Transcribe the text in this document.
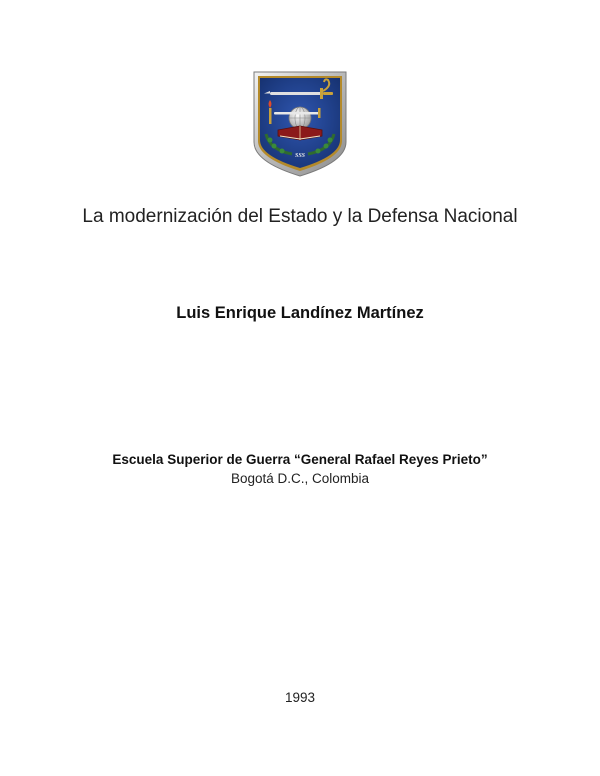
SSS
La modernización del Estado y la Defensa Nacional
Luis Enrique Landínez Martínez
Escuela Superior de Guerra “General Rafael Reyes Prieto”
Bogotá D.C., Colombia
1993
